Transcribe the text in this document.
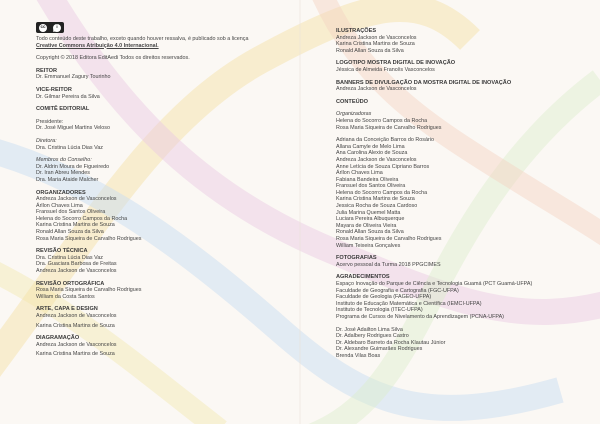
cc	i
BY
Todo conteúdo deste trabalho, exceto quando houver ressalva, é publicado sob a licença
Creative Commons Atribuição 4.0 Internacional.
Copyright © 2018 Editora EditAedi Todos os direitos reservados.
REITOR
Dr. Emmanuel Zagury Tourinho
VICE-REITOR
Dr. Gilmar Pereira da Silva
COMITÊ EDITORIAL
Presidente:
Dr. José Miguel Martins Veloso
Diretora:
Dra. Cristina Lúcia Dias Vaz
Membros do Conselho:
Dr. Aldrin Moura de Figueiredo
Dr. Iran Abreu Mendes
Dra. Maria Ataide Malcher
ORGANIZADORES
Andreza Jackson de Vasconcelos
Árllon Chaves Lima
Fransuel dos Santos Oliveira
Helena do Socorro Campos da Rocha
Karina Cristina Martins de Souza
Ronald Allan Souza da Silva
Rosa Maria Siqueira de Carvalho Rodrigues
REVISÃO TÉCNICA
Dra. Cristina Lúcia Dias Vaz
Dra. Guaciara Barbosa de Freitas
Andreza Jackson de Vasconcelos
REVISÃO ORTOGRÁFICA
Rosa Maria Siqueira de Carvalho Rodrigues
William da Costa Santos
ARTE, CAPA E DESIGN
Andreza Jackson de Vasconcelos
Karina Cristina Martins de Souza
DIAGRAMAÇÃO
Andreza Jackson de Vasconcelos
Karina Cristina Martins de Souza
ILUSTRAÇÕES
Andreza Jackson de Vasconcelos
Karina Cristina Martins de Souza
Ronald Allan Souza da Silva
LOGOTIPO MOSTRA DIGITAL DE INOVAÇÃO
Jéssica de Almeida Francês Vasconcelos
BANNERS DE DIVULGAÇÃO DA MOSTRA DIGITAL DE INOVAÇÃO
Andreza Jackson de Vasconcelos
CONTEÚDO
Organizadoras
Helena do Socorro Campos da Rocha
Rosa Maria Siqueira de Carvalho Rodrigues
Adriana da Conceição Barros do Rosário
Allana Camyle de Melo Lima
Ana Carolina Alexio de Souza
Andreza Jackson de Vasconcelos
Anne Letícia de Souza Cipriano Barros
Árllon Chaves Lima
Fabiana Bandeira Oliveira
Fransuel dos Santos Oliveira
Helena do Socorro Campos da Rocha
Karina Cristina Martins de Souza
Jessica Rocha de Souza Cardoso
Julia Marina Quemel Matta
Luciara Pereira Albuquerque
Mayara de Oliveira Vieira
Ronald Allan Souza da Silva
Rosa Maria Siqueira de Carvalho Rodrigues
William Teixeira Gonçalves
FOTOGRAFIAS
Acervo pessoal da Turma 2018 PPGCIMES
AGRADECIMENTOS
Espaço Inovação do Parque de Ciência e Tecnologia Guamá (PCT Guamá-UFPA)
Faculdade de Geografia e Cartografia (FGC-UFPA)
Faculdade de Geologia (FAGEO-UFPA)
Instituto de Educação Matemática e Científica (IEMCI-UFPA)
Instituto de Tecnologia (ITEC-UFPA)
Programa de Cursos de Nivelamento da Aprendizagem (PCNA-UFPA)
Dr. José Adailton Lima Silva
Dr. Adalbery Rodrigues Castro
Dr. Aldebaro Barreto da Rocha Klautau Júnior
Dr. Alexandre Guimarães Rodrigues
Brenda Vilas Boas
